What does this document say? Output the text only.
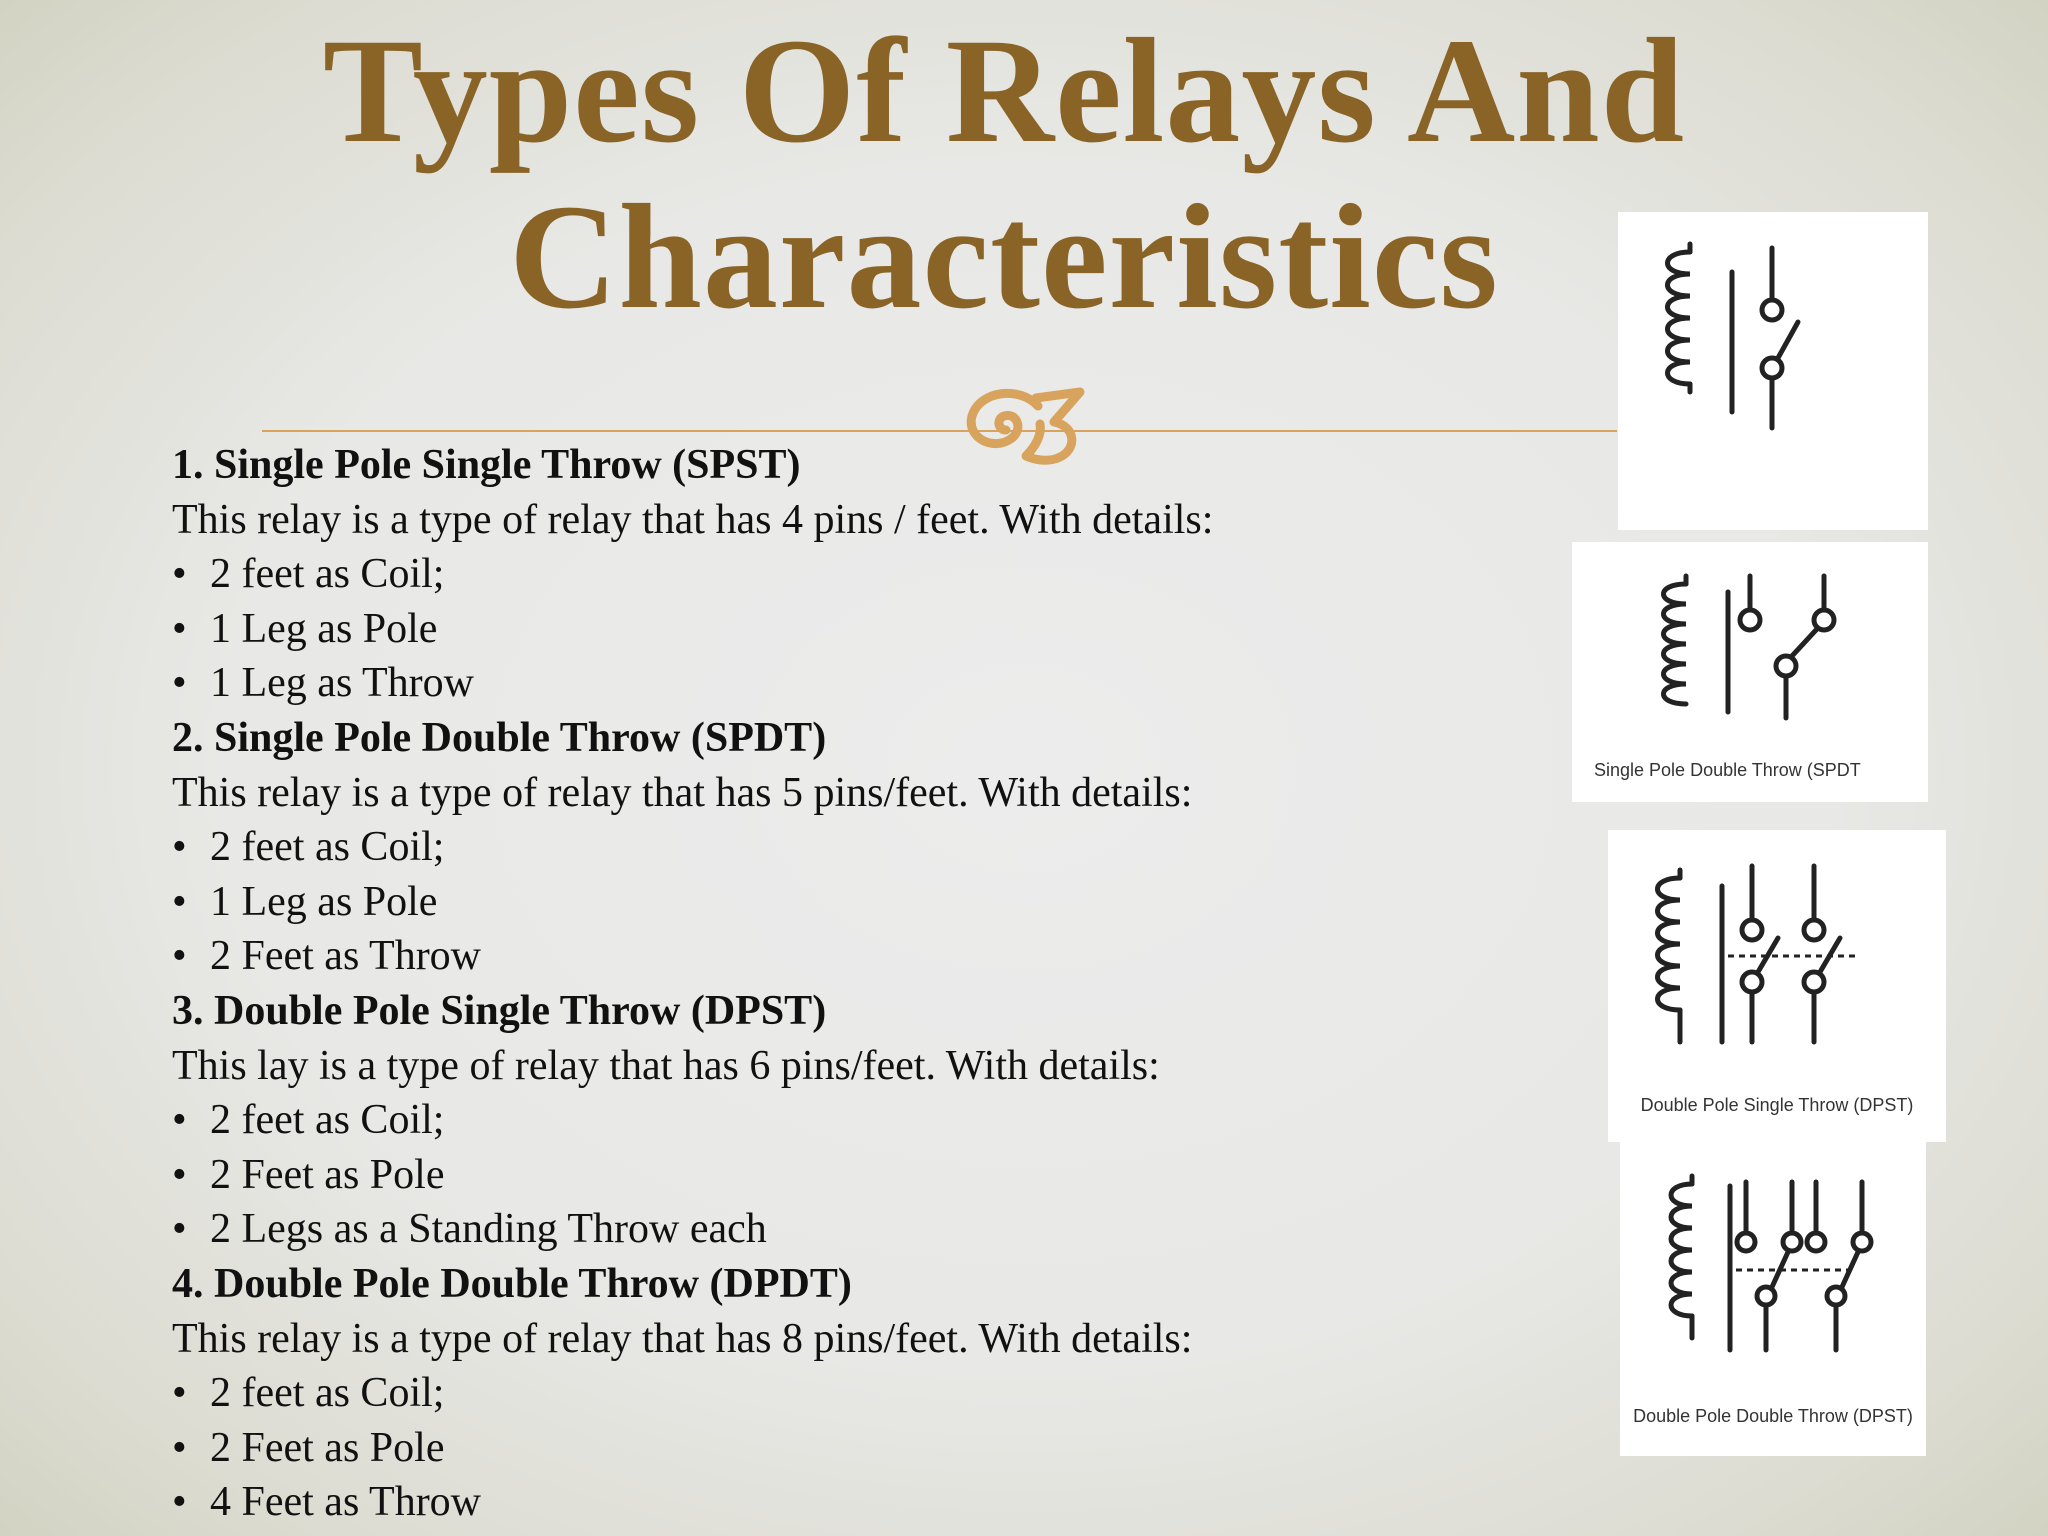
Types Of Relays And
Characteristics

1. Single Pole Single Throw (SPST)

This relay is a type of relay that has 4 pins / feet. With details:

• 2 feet as Coil;

• 1 Leg as Pole

• 1 Leg as Throw

2. Single Pole Double Throw (SPDT)

This relay is a type of relay that has 5 pins/feet. With details:

• 2 feet as Coil;

• 1 Leg as Pole

• 2 Feet as Throw

3. Double Pole Single Throw (DPST)

This lay is a type of relay that has 6 pins/feet. With details:

• 2 feet as Coil;

• 2 Feet as Pole

• 2 Legs as a Standing Throw each

4. Double Pole Double Throw (DPDT)

This relay is a type of relay that has 8 pins/feet. With details:

• 2 feet as Coil;

• 2 Feet as Pole

• 4 Feet as Throw

Single Pole Double Throw (SPDT
Double Pole Single Throw (DPST)
Double Pole Double Throw (DPST)
